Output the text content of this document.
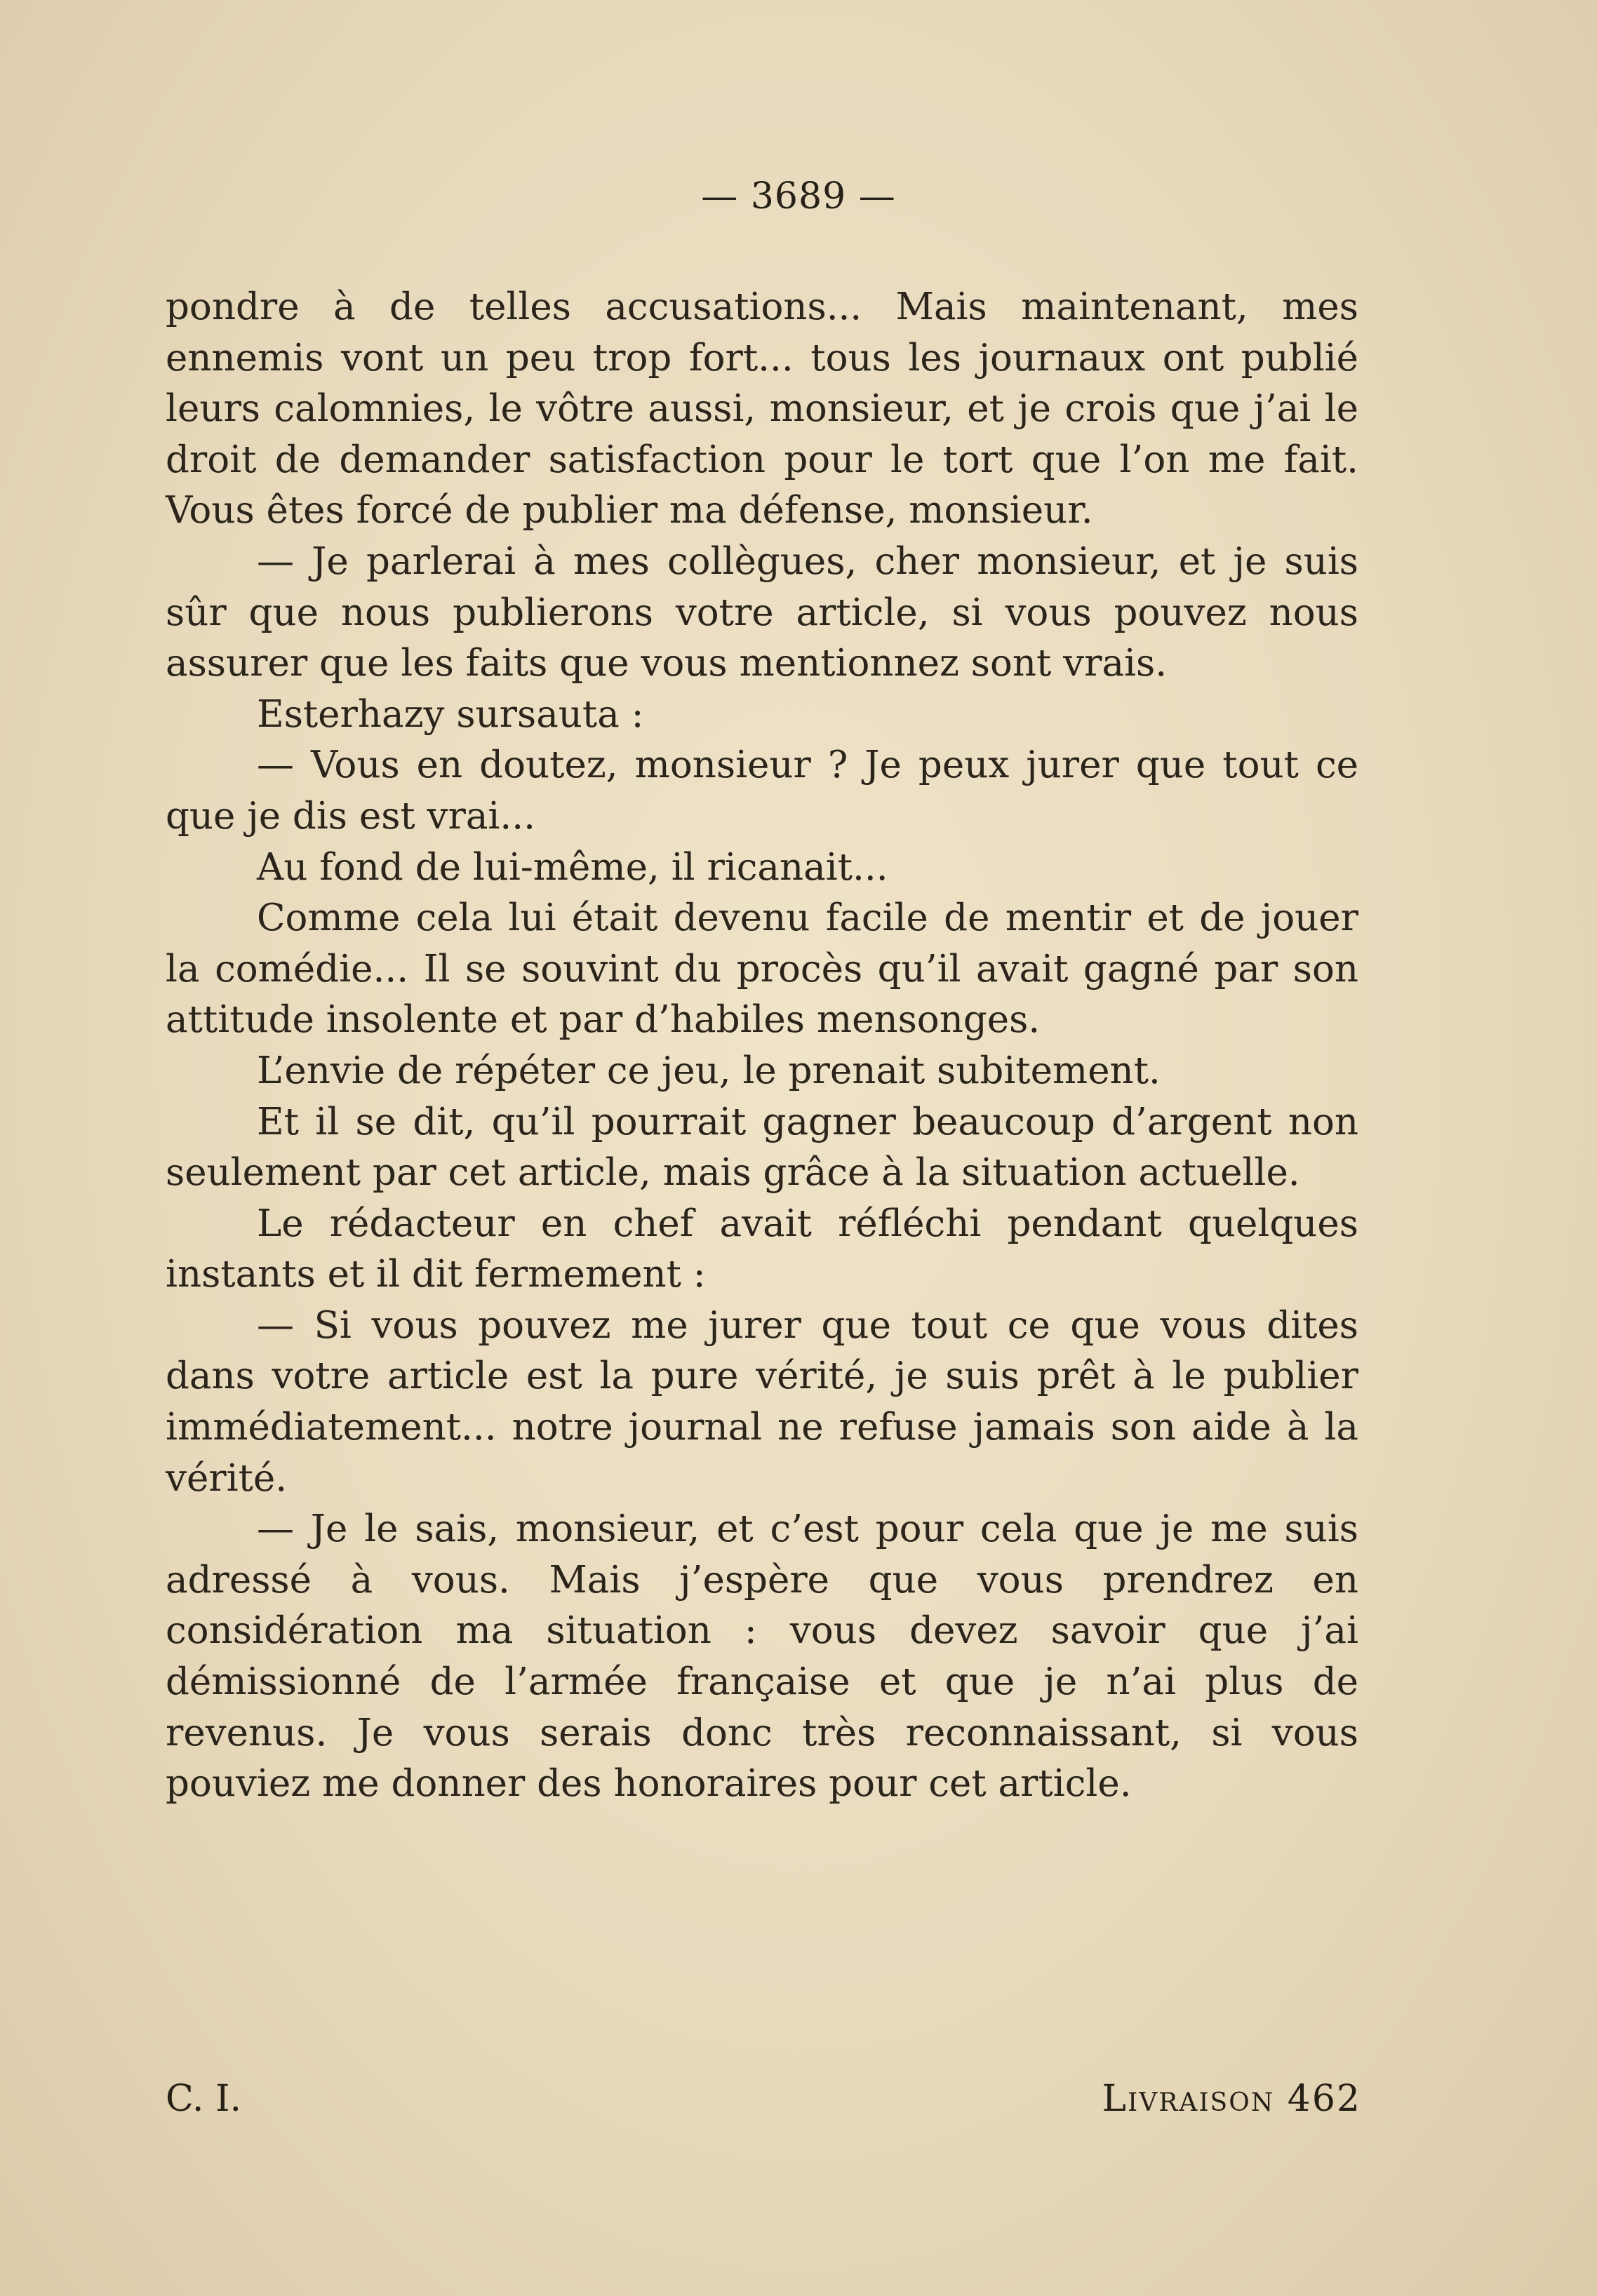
— 3689 —

pondre à de telles accusations... Mais maintenant, mes ennemis vont un peu trop fort... tous les journaux ont publié leurs calomnies, le vôtre aussi, monsieur, et je crois que j’ai le droit de demander satisfaction pour le tort que l’on me fait. Vous êtes forcé de publier ma défense, monsieur.

— Je parlerai à mes collègues, cher monsieur, et je suis sûr que nous publierons votre article, si vous pouvez nous assurer que les faits que vous mentionnez sont vrais.

Esterhazy sursauta :

— Vous en doutez, monsieur ? Je peux jurer que tout ce que je dis est vrai...

Au fond de lui-même, il ricanait...

Comme cela lui était devenu facile de mentir et de jouer la comédie... Il se souvint du procès qu’il avait gagné par son attitude insolente et par d’habiles mensonges.

L’envie de répéter ce jeu, le prenait subitement.

Et il se dit, qu’il pourrait gagner beaucoup d’argent non seulement par cet article, mais grâce à la situation actuelle.

Le rédacteur en chef avait réfléchi pendant quelques instants et il dit fermement :

— Si vous pouvez me jurer que tout ce que vous dites dans votre article est la pure vérité, je suis prêt à le publier immédiatement... notre journal ne refuse jamais son aide à la vérité.

— Je le sais, monsieur, et c’est pour cela que je me suis adressé à vous. Mais j’espère que vous prendrez en considération ma situation : vous devez savoir que j’ai démissionné de l’armée française et que je n’ai plus de revenus. Je vous serais donc très reconnaissant, si vous pouviez me donner des honoraires pour cet article.

C. I.	Livraison 462
